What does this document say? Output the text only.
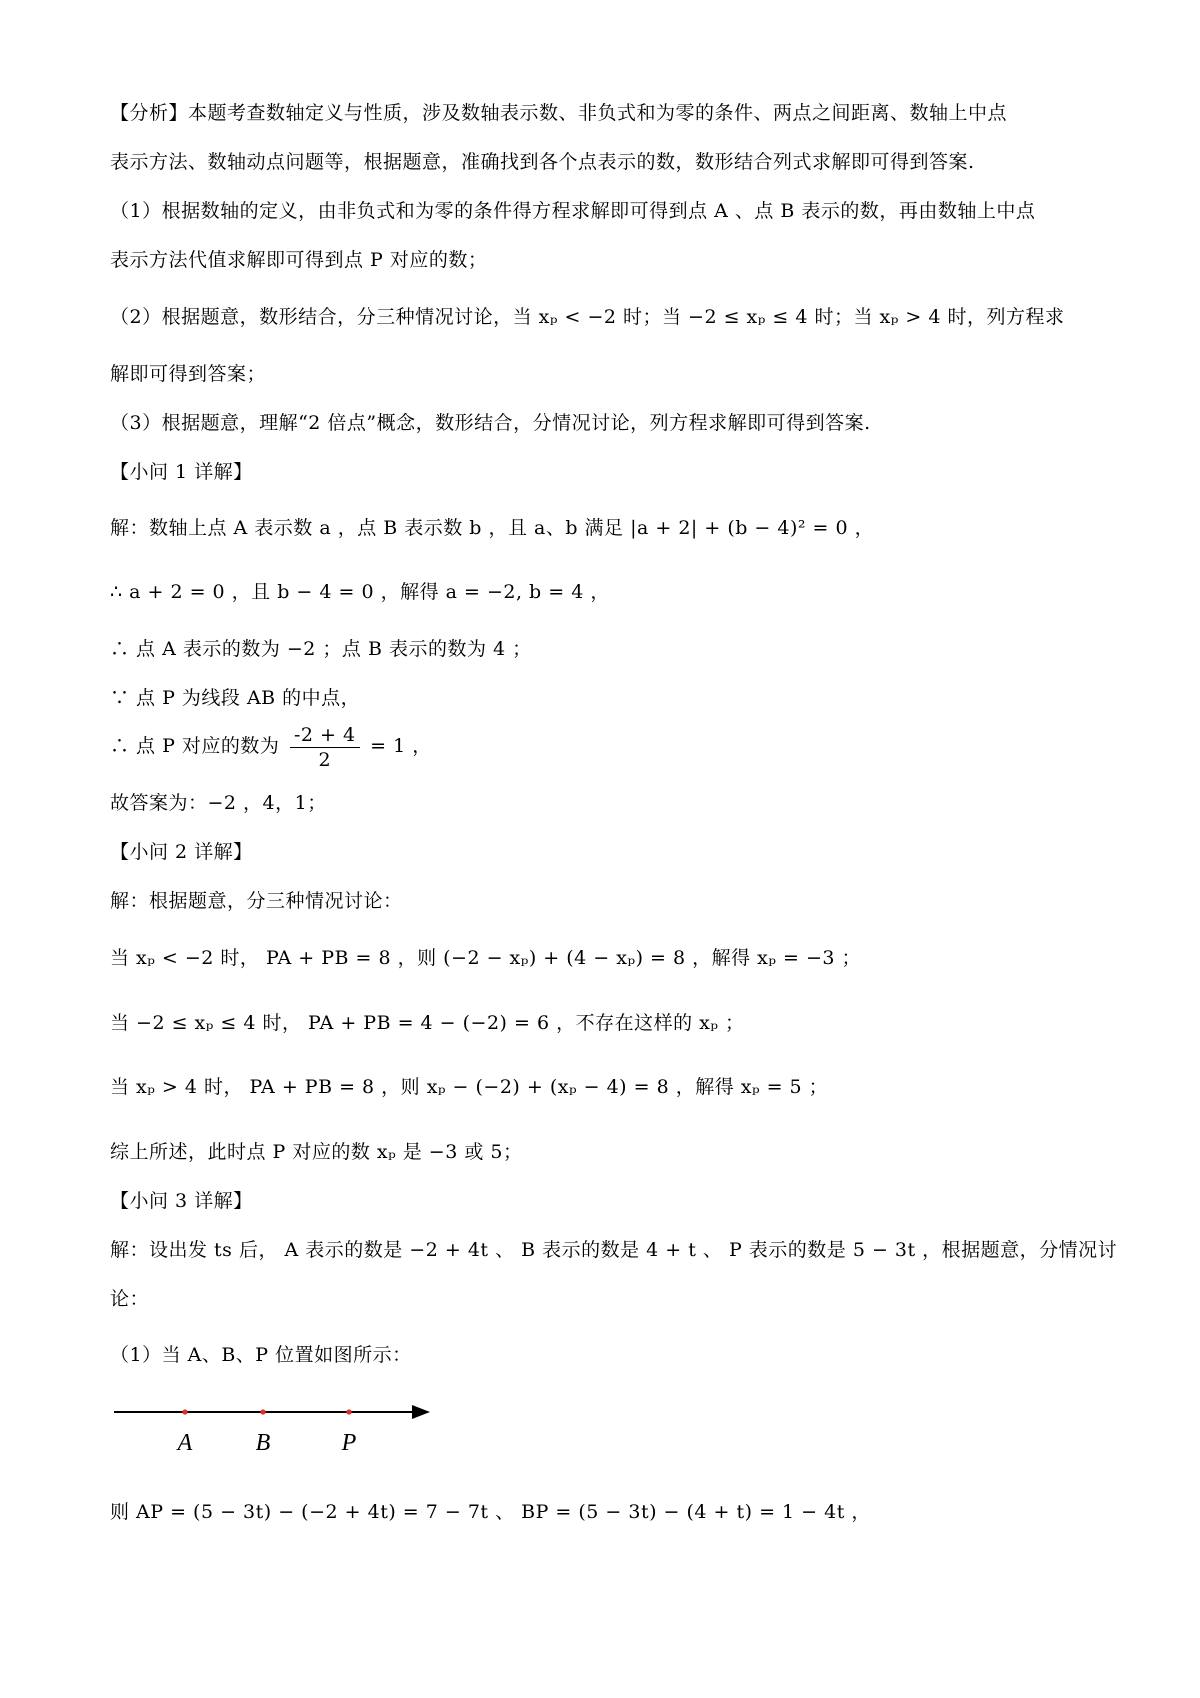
【分析】本题考查数轴定义与性质，涉及数轴表示数、非负式和为零的条件、两点之间距离、数轴上中点
表示方法、数轴动点问题等，根据题意，准确找到各个点表示的数，数形结合列式求解即可得到答案.
（1）根据数轴的定义，由非负式和为零的条件得方程求解即可得到点 A 、点 B 表示的数，再由数轴上中点
表示方法代值求解即可得到点 P 对应的数；
（2）根据题意，数形结合，分三种情况讨论，当 xₚ < −2 时；当 −2 ≤ xₚ ≤ 4 时；当 xₚ > 4 时，列方程求
解即可得到答案；
（3）根据题意，理解“2 倍点”概念，数形结合，分情况讨论，列方程求解即可得到答案.
【小问 1 详解】
解：数轴上点 A 表示数 a ，点 B 表示数 b ，且 a、b 满足 |a + 2| + (b − 4)² = 0 ，
∴ a + 2 = 0 ，且 b − 4 = 0 ，解得 a = −2, b = 4 ，
∴ 点 A 表示的数为 −2 ；点 B 表示的数为 4 ；
∵ 点 P 为线段 AB 的中点，
∴ 点 P 对应的数为 $\frac{-2 + 4}{2} = 1$ ，
故答案为：−2 ，4，1；
【小问 2 详解】
解：根据题意，分三种情况讨论：
当 xₚ < −2 时， PA + PB = 8 ，则 (−2 − xₚ) + (4 − xₚ) = 8 ，解得 xₚ = −3 ；
当 −2 ≤ xₚ ≤ 4 时， PA + PB = 4 − (−2) = 6 ，不存在这样的 xₚ ；
当 xₚ > 4 时， PA + PB = 8 ，则 xₚ − (−2) + (xₚ − 4) = 8 ，解得 xₚ = 5 ；
综上所述，此时点 P 对应的数 xₚ 是 −3 或 5；
【小问 3 详解】
解：设出发 ts 后， A 表示的数是 −2 + 4t 、 B 表示的数是 4 + t 、 P 表示的数是 5 − 3t ，根据题意，分情况讨
论：
（1）当 A、B、P 位置如图所示：
A	B	P
则 AP = (5 − 3t) − (−2 + 4t) = 7 − 7t 、 BP = (5 − 3t) − (4 + t) = 1 − 4t ，
